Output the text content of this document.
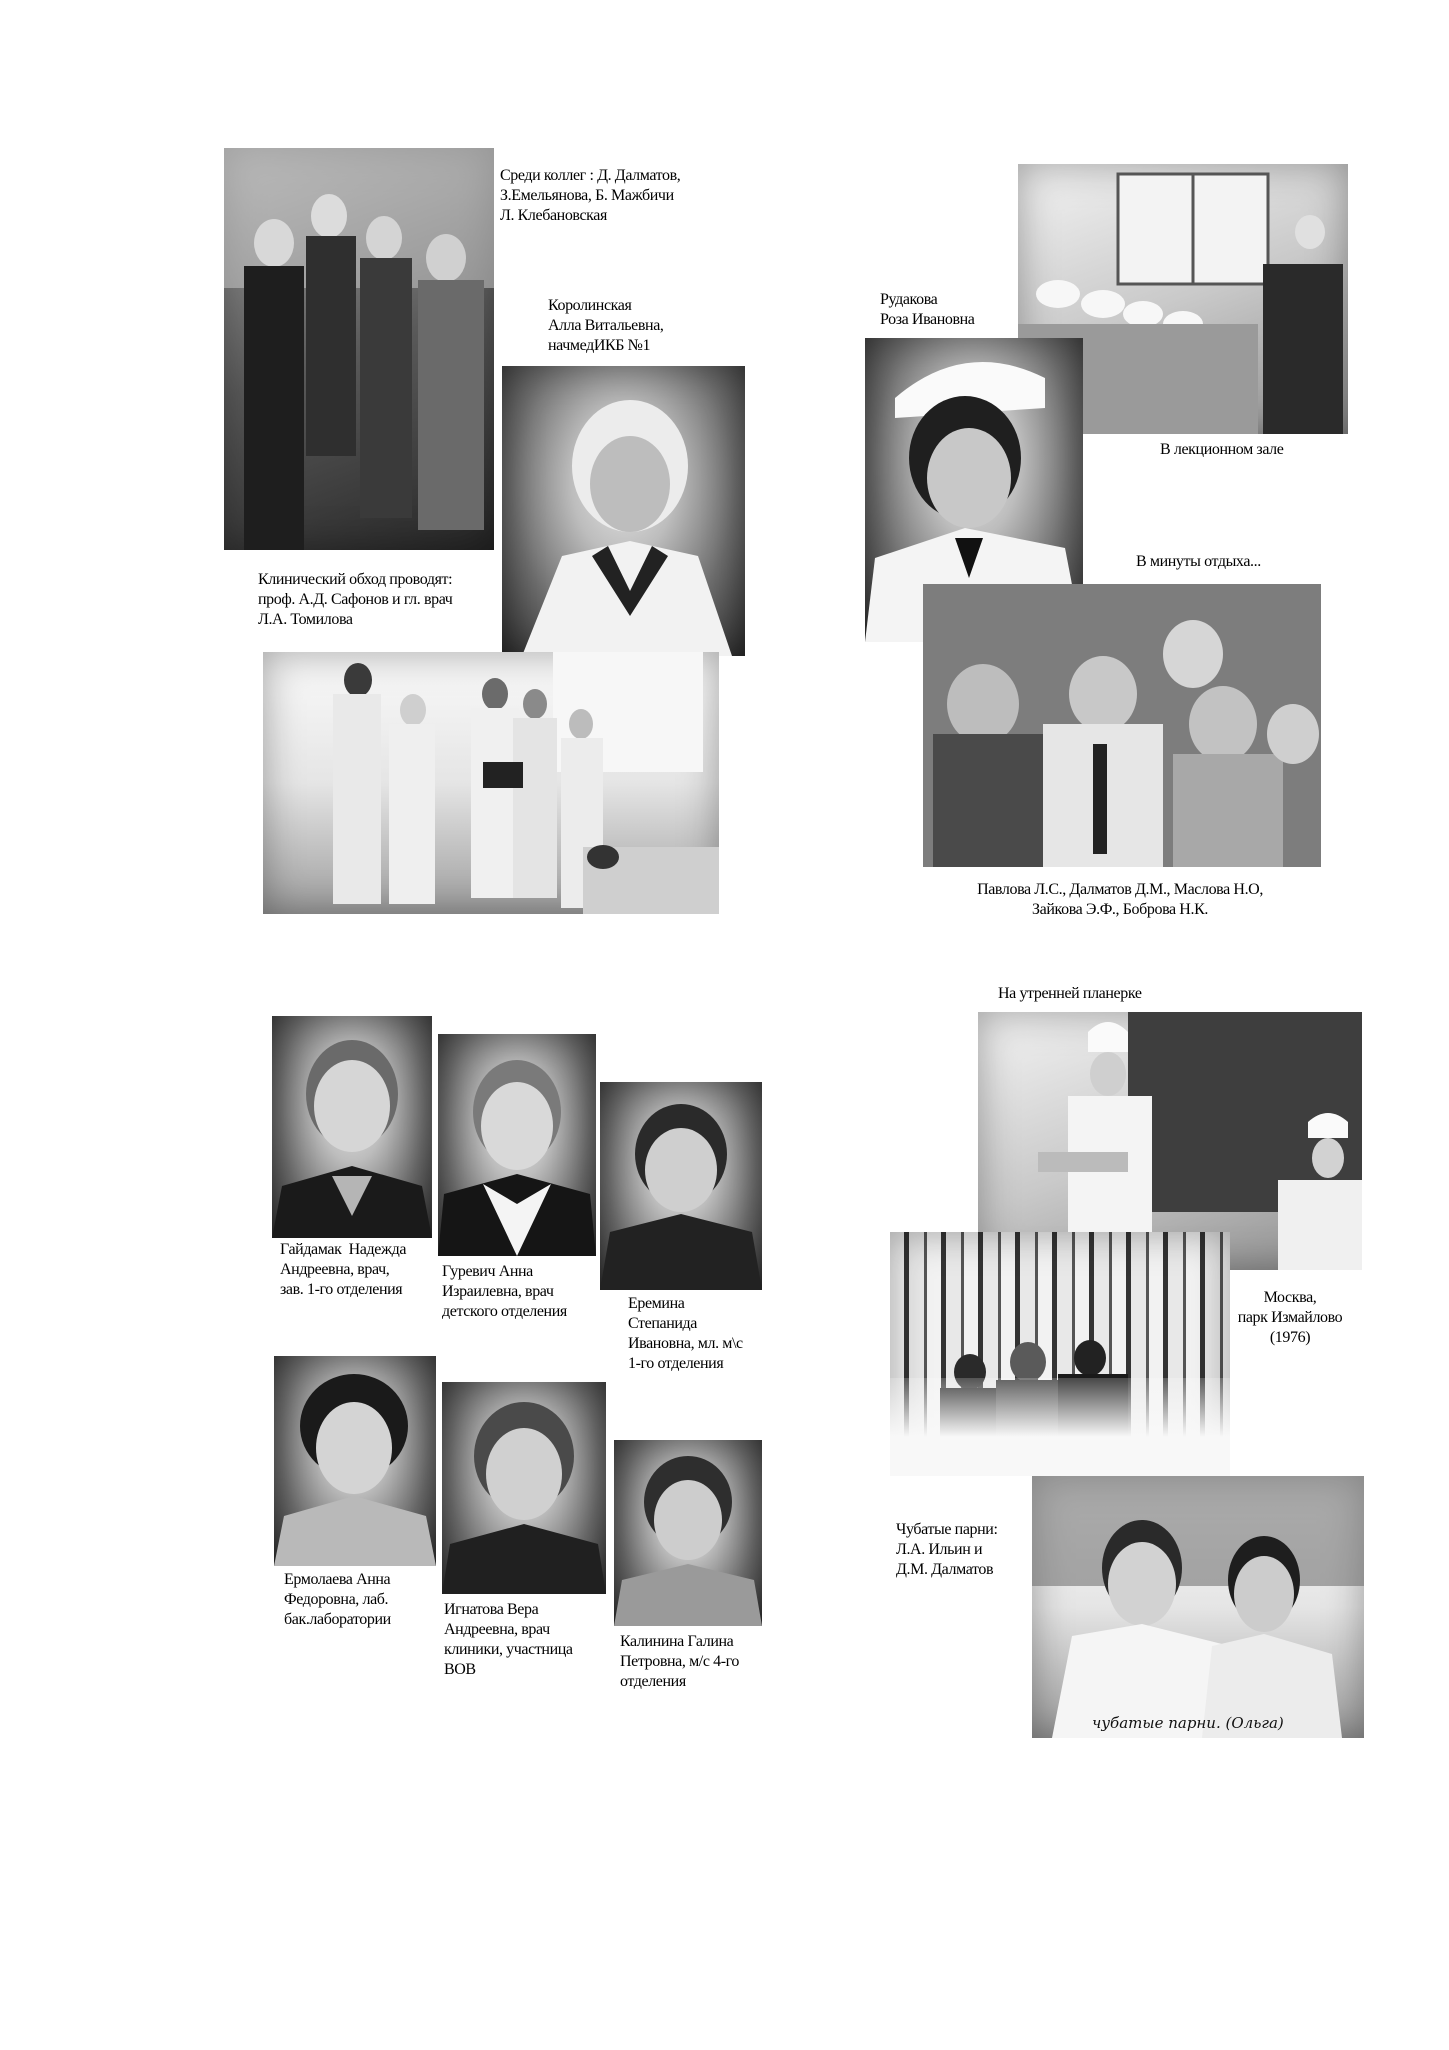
Среди коллег : Д. Далматов,
З.Емельянова, Б. Мажбичи
Л. Клебановская
Королинская
Алла Витальевна,
начмедИКБ №1
Клинический обход проводят:
проф. А.Д. Сафонов и гл. врач
Л.А. Томилова
Рудакова
Роза Ивановна
В лекционном зале
В минуты отдыха...
Павлова Л.С., Далматов Д.М., Маслова Н.О,
Зайкова Э.Ф., Боброва Н.К.
Гайдамак  Надежда
Андреевна, врач,
зав. 1-го отделения
Гуревич Анна
Израилевна, врач
детского отделения	Еремина
Степанида
Ивановна, мл. м\с
1-го отделения
Ермолаева Анна
Федоровна, лаб.
бак.лаборатории
Игнатова Вера
Андреевна, врач
клиники, участница
ВОВ
Калинина Галина
Петровна, м/с 4-го
отделения
На утренней планерке
Москва,
парк Измайлово
(1976)
Чубатые парни:
Л.А. Ильин и
Д.М. Далматов
чубатые парни. (Ольга)
